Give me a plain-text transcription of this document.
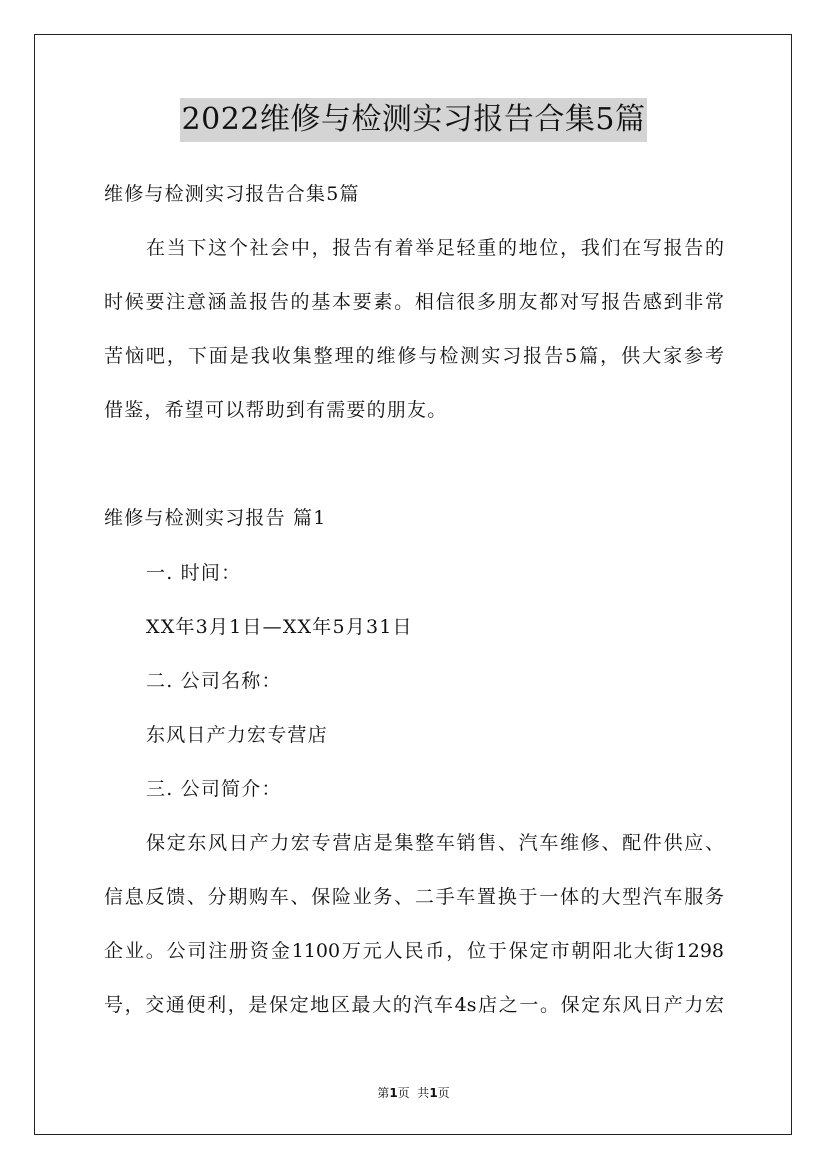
2022维修与检测实习报告合集5篇
维修与检测实习报告合集5篇
在当下这个社会中，报告有着举足轻重的地位，我们在写报告的
时候要注意涵盖报告的基本要素。相信很多朋友都对写报告感到非常
苦恼吧，下面是我收集整理的维修与检测实习报告5篇，供大家参考
借鉴，希望可以帮助到有需要的朋友。
维修与检测实习报告 篇1
一. 时间：
XX年3月1日—XX年5月31日
二. 公司名称：
东风日产力宏专营店
三. 公司简介：
保定东风日产力宏专营店是集整车销售、汽车维修、配件供应、
信息反馈、分期购车、保险业务、二手车置换于一体的大型汽车服务
企业。公司注册资金1100万元人民币，位于保定市朝阳北大街1298
号，交通便利，是保定地区最大的汽车4s店之一。保定东风日产力宏
第1页  共1页
